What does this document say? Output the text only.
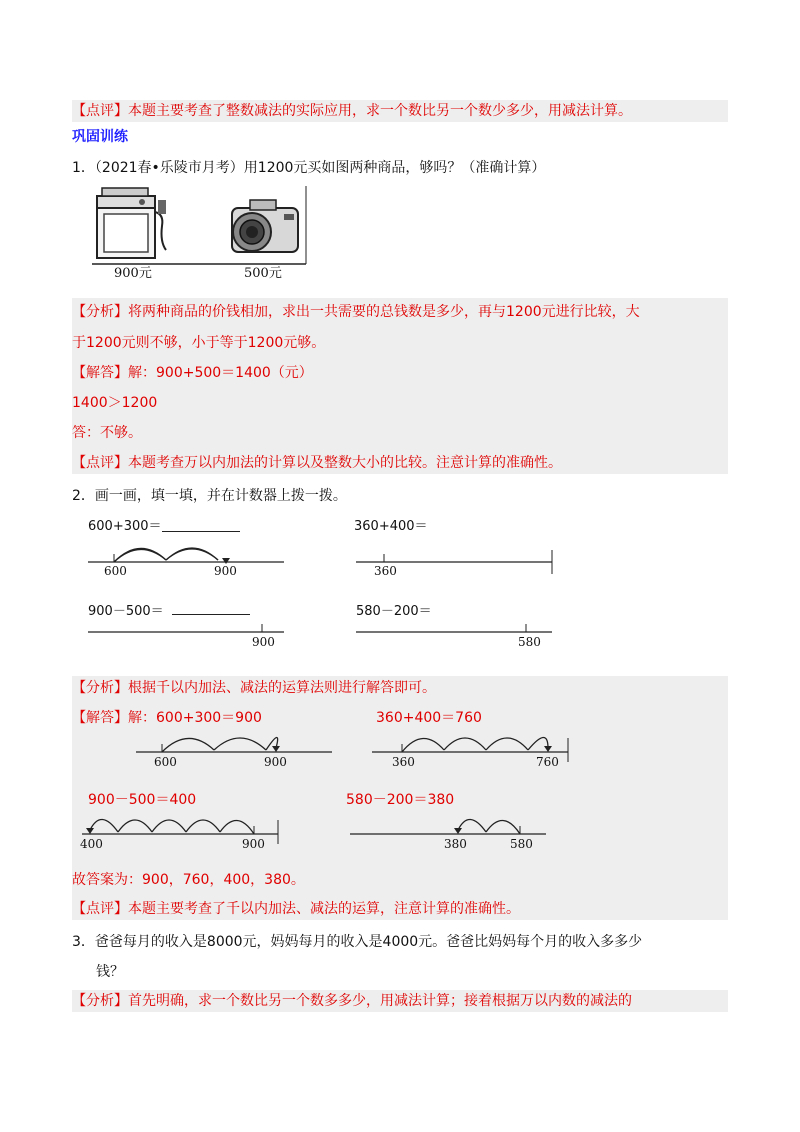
【点评】本题主要考查了整数减法的实际应用，求一个数比另一个数少多少，用减法计算。
巩固训练
1．（2021春•乐陵市月考）用1200元买如图两种商品，够吗？（准确计算）
900元	500元
【分析】将两种商品的价钱相加，求出一共需要的总钱数是多少，再与1200元进行比较，大
于1200元则不够，小于等于1200元够。
【解答】解：900+500＝1400（元）
1400＞1200
答：不够。
【点评】本题考查万以内加法的计算以及整数大小的比较。注意计算的准确性。
2．画一画，填一填，并在计数器上拨一拨。
600+300＝	360+400＝
600	900	360
900－500＝	580－200＝
900	580
【分析】根据千以内加法、减法的运算法则进行解答即可。
【解答】解：600+300＝900	360+400＝760
600	900	360	760
900－500＝400	580－200＝380
400	900	380	580
故答案为：900，760，400，380。
【点评】本题主要考查了千以内加法、减法的运算，注意计算的准确性。
3．爸爸每月的收入是8000元，妈妈每月的收入是4000元。爸爸比妈妈每个月的收入多多少
钱？
【分析】首先明确，求一个数比另一个数多多少，用减法计算；接着根据万以内数的减法的
